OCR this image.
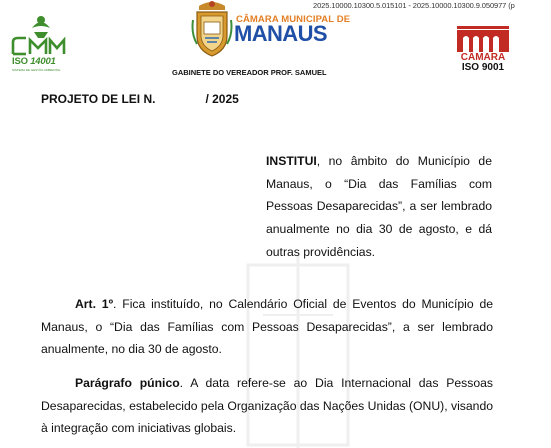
2025.10000.10300.5.015101 - 2025.10000.10300.9.050977 (p
ISO 14001
SISTEMA DE GESTÃO AMBIENTAL
CÂMARA MUNICIPAL DE
MANAUS
GABINETE DO VEREADOR PROF. SAMUEL
CÂMARA
ISO 9001
PROJETO DE LEI N.	/ 2025
INSTITUI, no âmbito do Município de Manaus, o “Dia das Famílias com Pessoas Desaparecidas”, a ser lembrado anualmente no dia 30 de agosto, e dá outras providências.
Art. 1º. Fica instituído, no Calendário Oficial de Eventos do Município de Manaus, o “Dia das Famílias com Pessoas Desaparecidas”, a ser lembrado anualmente, no dia 30 de agosto.
Parágrafo púnico. A data refere-se ao Dia Internacional das Pessoas Desaparecidas, estabelecido pela Organização das Nações Unidas (ONU), visando à integração com iniciativas globais.
